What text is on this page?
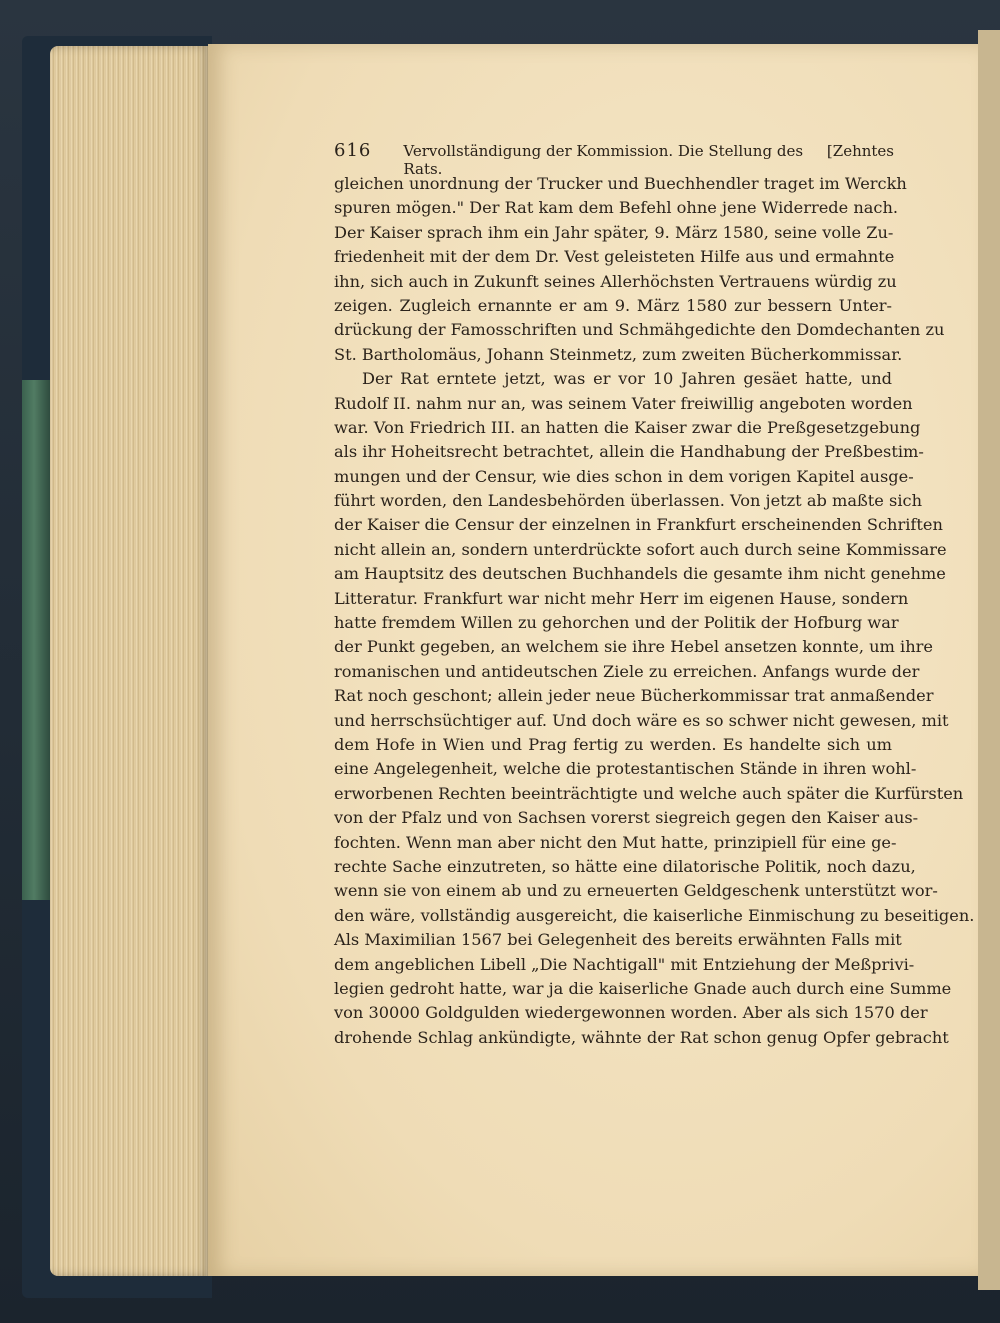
616 Vervollständigung der Kommission. Die Stellung des Rats.
[Zehntes
gleichen unordnung der Trucker und Buechhendler traget im Werckh
spuren mögen." Der Rat kam dem Befehl ohne jene Widerrede nach.
Der Kaiser sprach ihm ein Jahr später, 9. März 1580, seine volle Zu-
friedenheit mit der dem Dr. Vest geleisteten Hilfe aus und ermahnte
ihn, sich auch in Zukunft seines Allerhöchsten Vertrauens würdig zu
zeigen. Zugleich ernannte er am 9. März 1580 zur bessern Unter-
drückung der Famosschriften und Schmähgedichte den Domdechanten zu
St. Bartholomäus, Johann Steinmetz, zum zweiten Bücherkommissar.
Der Rat erntete jetzt, was er vor 10 Jahren gesäet hatte, und
Rudolf II. nahm nur an, was seinem Vater freiwillig angeboten worden
war. Von Friedrich III. an hatten die Kaiser zwar die Preßgesetzgebung
als ihr Hoheitsrecht betrachtet, allein die Handhabung der Preßbestim-
mungen und der Censur, wie dies schon in dem vorigen Kapitel ausge-
führt worden, den Landesbehörden überlassen. Von jetzt ab maßte sich
der Kaiser die Censur der einzelnen in Frankfurt erscheinenden Schriften
nicht allein an, sondern unterdrückte sofort auch durch seine Kommissare
am Hauptsitz des deutschen Buchhandels die gesamte ihm nicht genehme
Litteratur. Frankfurt war nicht mehr Herr im eigenen Hause, sondern
hatte fremdem Willen zu gehorchen und der Politik der Hofburg war
der Punkt gegeben, an welchem sie ihre Hebel ansetzen konnte, um ihre
romanischen und antideutschen Ziele zu erreichen. Anfangs wurde der
Rat noch geschont; allein jeder neue Bücherkommissar trat anmaßender
und herrschsüchtiger auf. Und doch wäre es so schwer nicht gewesen, mit
dem Hofe in Wien und Prag fertig zu werden. Es handelte sich um
eine Angelegenheit, welche die protestantischen Stände in ihren wohl-
erworbenen Rechten beeinträchtigte und welche auch später die Kurfürsten
von der Pfalz und von Sachsen vorerst siegreich gegen den Kaiser aus-
fochten. Wenn man aber nicht den Mut hatte, prinzipiell für eine ge-
rechte Sache einzutreten, so hätte eine dilatorische Politik, noch dazu,
wenn sie von einem ab und zu erneuerten Geldgeschenk unterstützt wor-
den wäre, vollständig ausgereicht, die kaiserliche Einmischung zu beseitigen.
Als Maximilian 1567 bei Gelegenheit des bereits erwähnten Falls mit
dem angeblichen Libell „Die Nachtigall" mit Entziehung der Meßprivi-
legien gedroht hatte, war ja die kaiserliche Gnade auch durch eine Summe
von 30000 Goldgulden wiedergewonnen worden. Aber als sich 1570 der
drohende Schlag ankündigte, wähnte der Rat schon genug Opfer gebracht
